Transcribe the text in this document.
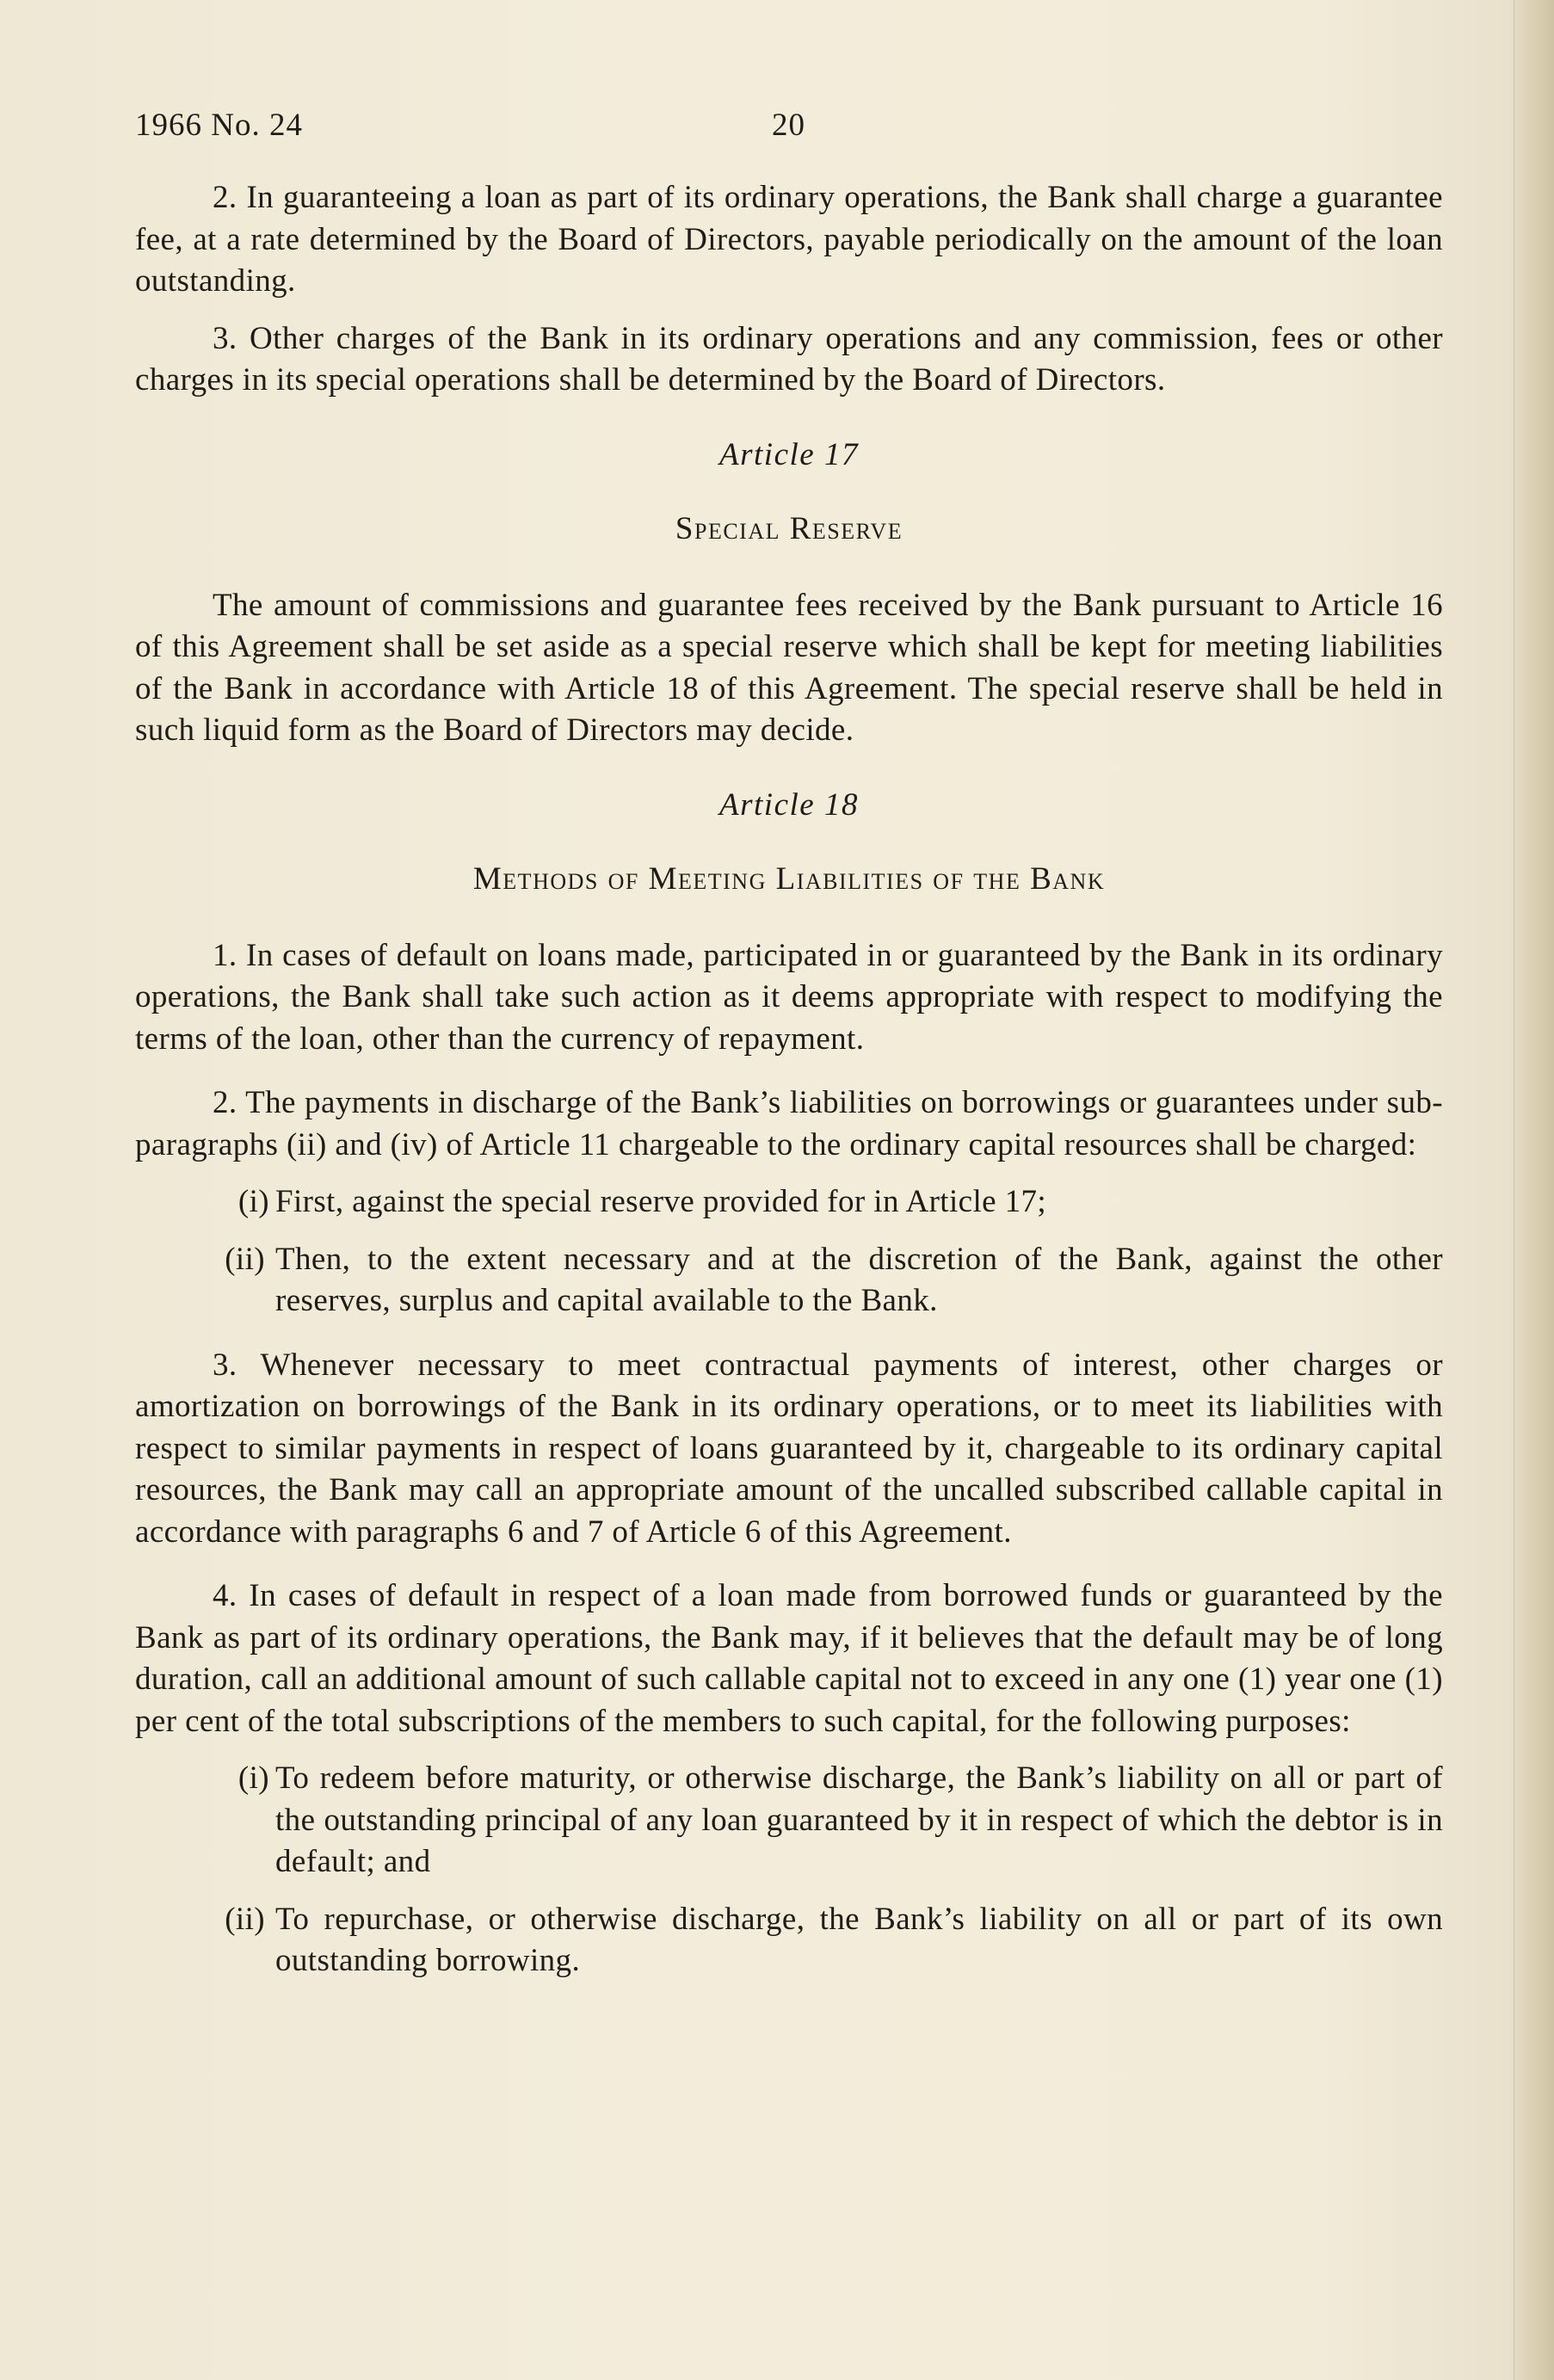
1966 No. 24	20

2. In guaranteeing a loan as part of its ordinary operations, the Bank shall charge a guarantee fee, at a rate determined by the Board of Directors, payable periodically on the amount of the loan outstanding.

3. Other charges of the Bank in its ordinary operations and any commission, fees or other charges in its special operations shall be determined by the Board of Directors.

Article 17
Special Reserve

The amount of commissions and guarantee fees received by the Bank pursuant to Article 16 of this Agreement shall be set aside as a special reserve which shall be kept for meeting liabilities of the Bank in accordance with Article 18 of this Agreement. The special reserve shall be held in such liquid form as the Board of Directors may decide.

Article 18
Methods of Meeting Liabilities of the Bank

1. In cases of default on loans made, participated in or guaranteed by the Bank in its ordinary operations, the Bank shall take such action as it deems appropriate with respect to modifying the terms of the loan, other than the currency of repayment.

2. The payments in discharge of the Bank’s liabilities on borrowings or guarantees under sub-paragraphs (ii) and (iv) of Article 11 chargeable to the ordinary capital resources shall be charged:

(i) First, against the special reserve provided for in Article 17;
(ii) Then, to the extent necessary and at the discretion of the Bank, against the other reserves, surplus and capital available to the Bank.

3. Whenever necessary to meet contractual payments of interest, other charges or amortization on borrowings of the Bank in its ordinary operations, or to meet its liabilities with respect to similar payments in respect of loans guaranteed by it, chargeable to its ordinary capital resources, the Bank may call an appropriate amount of the uncalled subscribed callable capital in accordance with paragraphs 6 and 7 of Article 6 of this Agreement.

4. In cases of default in respect of a loan made from borrowed funds or guaranteed by the Bank as part of its ordinary operations, the Bank may, if it believes that the default may be of long duration, call an additional amount of such callable capital not to exceed in any one (1) year one (1) per cent of the total subscriptions of the members to such capital, for the following purposes:

(i) To redeem before maturity, or otherwise discharge, the Bank’s liability on all or part of the outstanding principal of any loan guaranteed by it in respect of which the debtor is in default; and
(ii) To repurchase, or otherwise discharge, the Bank’s liability on all or part of its own outstanding borrowing.
